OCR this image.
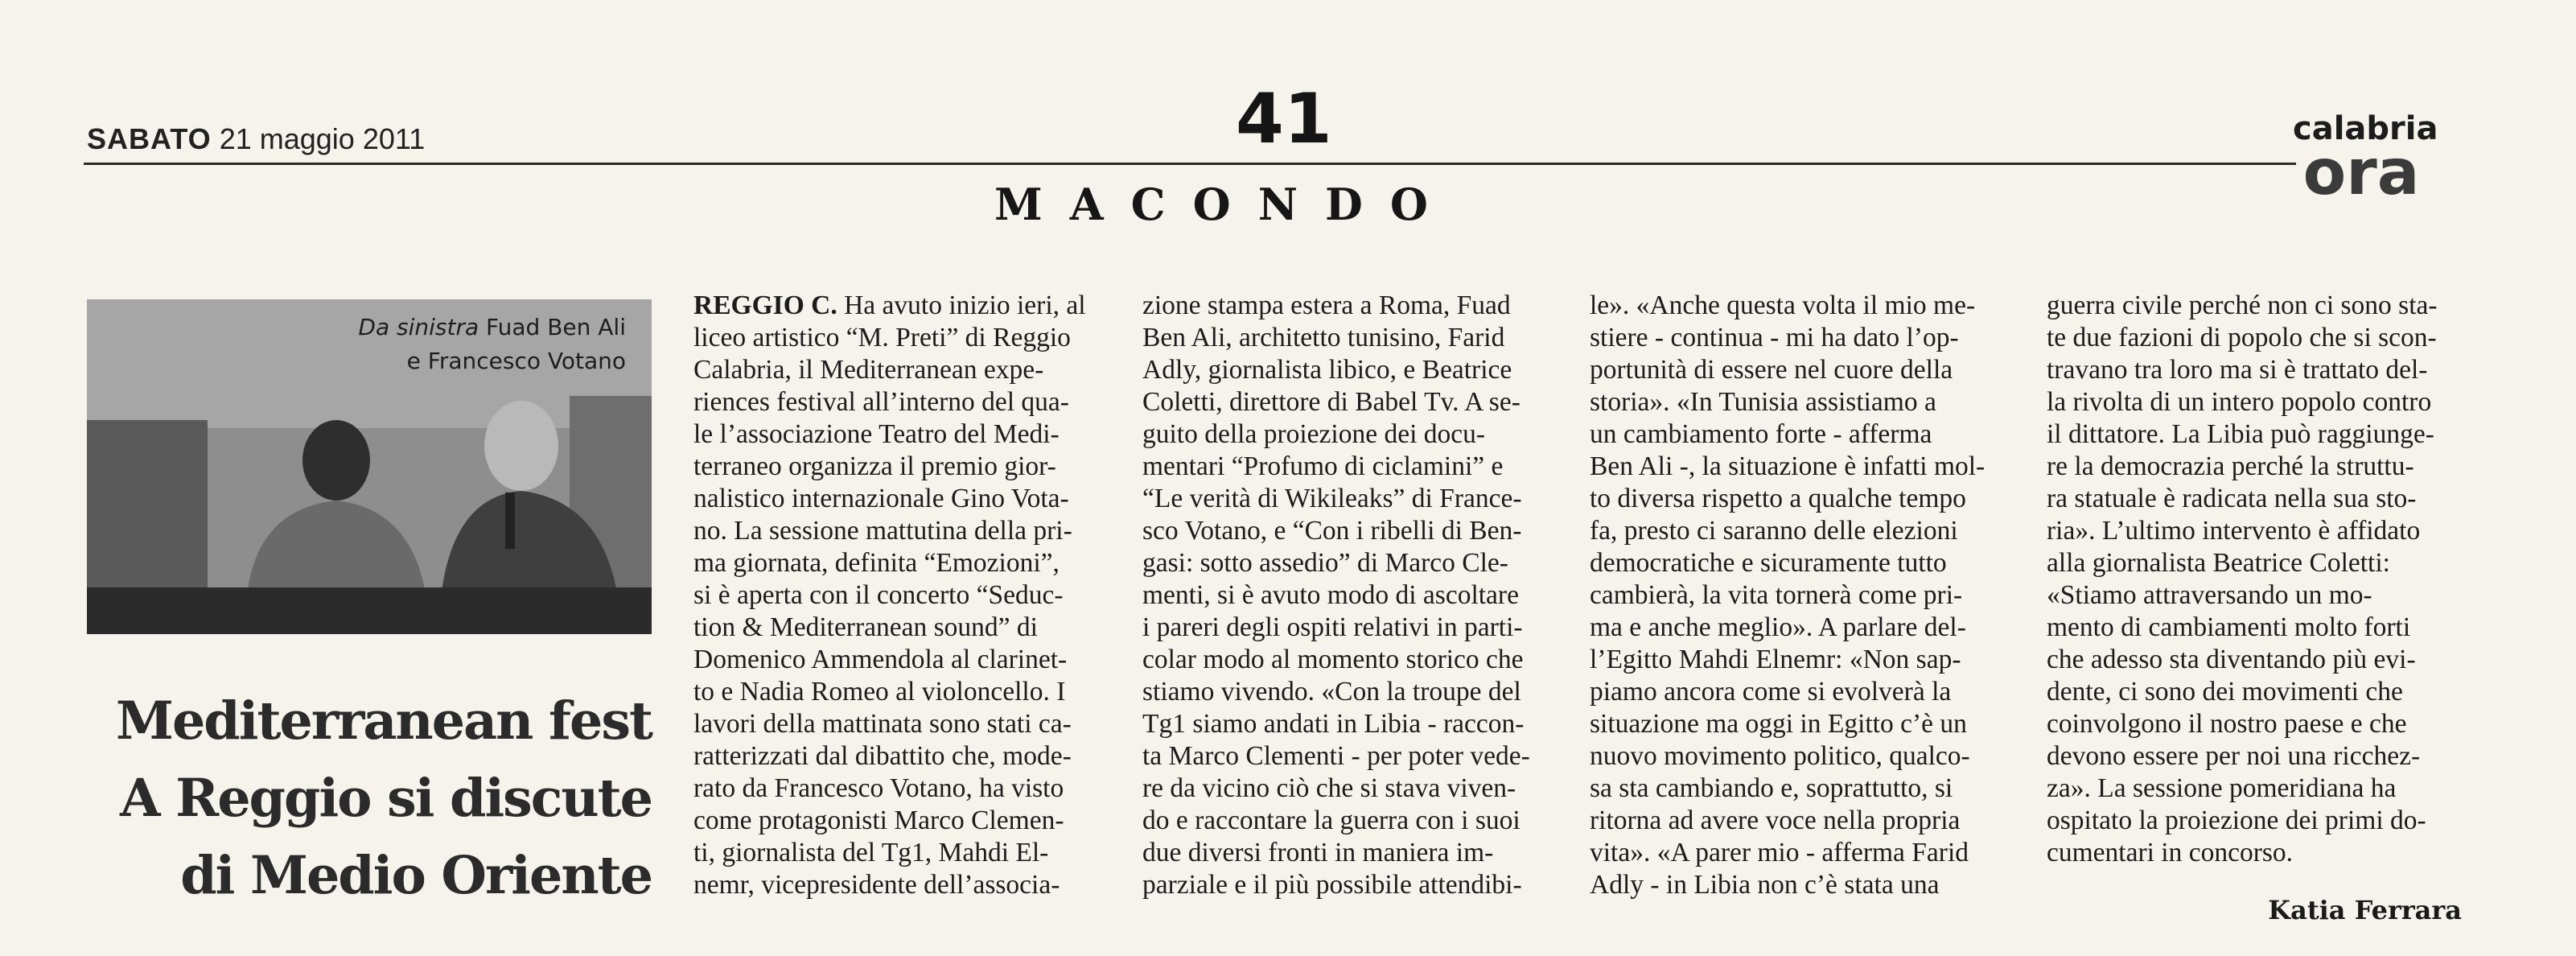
SABATO 21 maggio 2011	41
MACONDO
calabria
ora
Da sinistra Fuad Ben Ali
e Francesco Votano
Mediterranean fest
A Reggio si discute
di Medio Oriente
REGGIO C. Ha avuto inizio ieri, al
liceo artistico “M. Preti” di Reggio
Calabria, il Mediterranean expe-
riences festival all’interno del qua-
le l’associazione Teatro del Medi-
terraneo organizza il premio gior-
nalistico internazionale Gino Vota-
no. La sessione mattutina della pri-
ma giornata, definita “Emozioni”,
si è aperta con il concerto “Seduc-
tion & Mediterranean sound” di
Domenico Ammendola al clarinet-
to e Nadia Romeo al violoncello. I
lavori della mattinata sono stati ca-
ratterizzati dal dibattito che, mode-
rato da Francesco Votano, ha visto
come protagonisti Marco Clemen-
ti, giornalista del Tg1, Mahdi El-
nemr, vicepresidente dell’associa-
zione stampa estera a Roma, Fuad
Ben Ali, architetto tunisino, Farid
Adly, giornalista libico, e Beatrice
Coletti, direttore di Babel Tv. A se-
guito della proiezione dei docu-
mentari “Profumo di ciclamini” e
“Le verità di Wikileaks” di France-
sco Votano, e “Con i ribelli di Ben-
gasi: sotto assedio” di Marco Cle-
menti, si è avuto modo di ascoltare
i pareri degli ospiti relativi in parti-
colar modo al momento storico che
stiamo vivendo. «Con la troupe del
Tg1 siamo andati in Libia - raccon-
ta Marco Clementi - per poter vede-
re da vicino ciò che si stava viven-
do e raccontare la guerra con i suoi
due diversi fronti in maniera im-
parziale e il più possibile attendibi-
le». «Anche questa volta il mio me-
stiere - continua - mi ha dato l’op-
portunità di essere nel cuore della
storia». «In Tunisia assistiamo a
un cambiamento forte - afferma
Ben Ali -, la situazione è infatti mol-
to diversa rispetto a qualche tempo
fa, presto ci saranno delle elezioni
democratiche e sicuramente tutto
cambierà, la vita tornerà come pri-
ma e anche meglio». A parlare del-
l’Egitto Mahdi Elnemr: «Non sap-
piamo ancora come si evolverà la
situazione ma oggi in Egitto c’è un
nuovo movimento politico, qualco-
sa sta cambiando e, soprattutto, si
ritorna ad avere voce nella propria
vita». «A parer mio - afferma Farid
Adly - in Libia non c’è stata una
guerra civile perché non ci sono sta-
te due fazioni di popolo che si scon-
travano tra loro ma si è trattato del-
la rivolta di un intero popolo contro
il dittatore. La Libia può raggiunge-
re la democrazia perché la struttu-
ra statuale è radicata nella sua sto-
ria». L’ultimo intervento è affidato
alla giornalista Beatrice Coletti:
«Stiamo attraversando un mo-
mento di cambiamenti molto forti
che adesso sta diventando più evi-
dente, ci sono dei movimenti che
coinvolgono il nostro paese e che
devono essere per noi una ricchez-
za». La sessione pomeridiana ha
ospitato la proiezione dei primi do-
cumentari in concorso.
Katia Ferrara
